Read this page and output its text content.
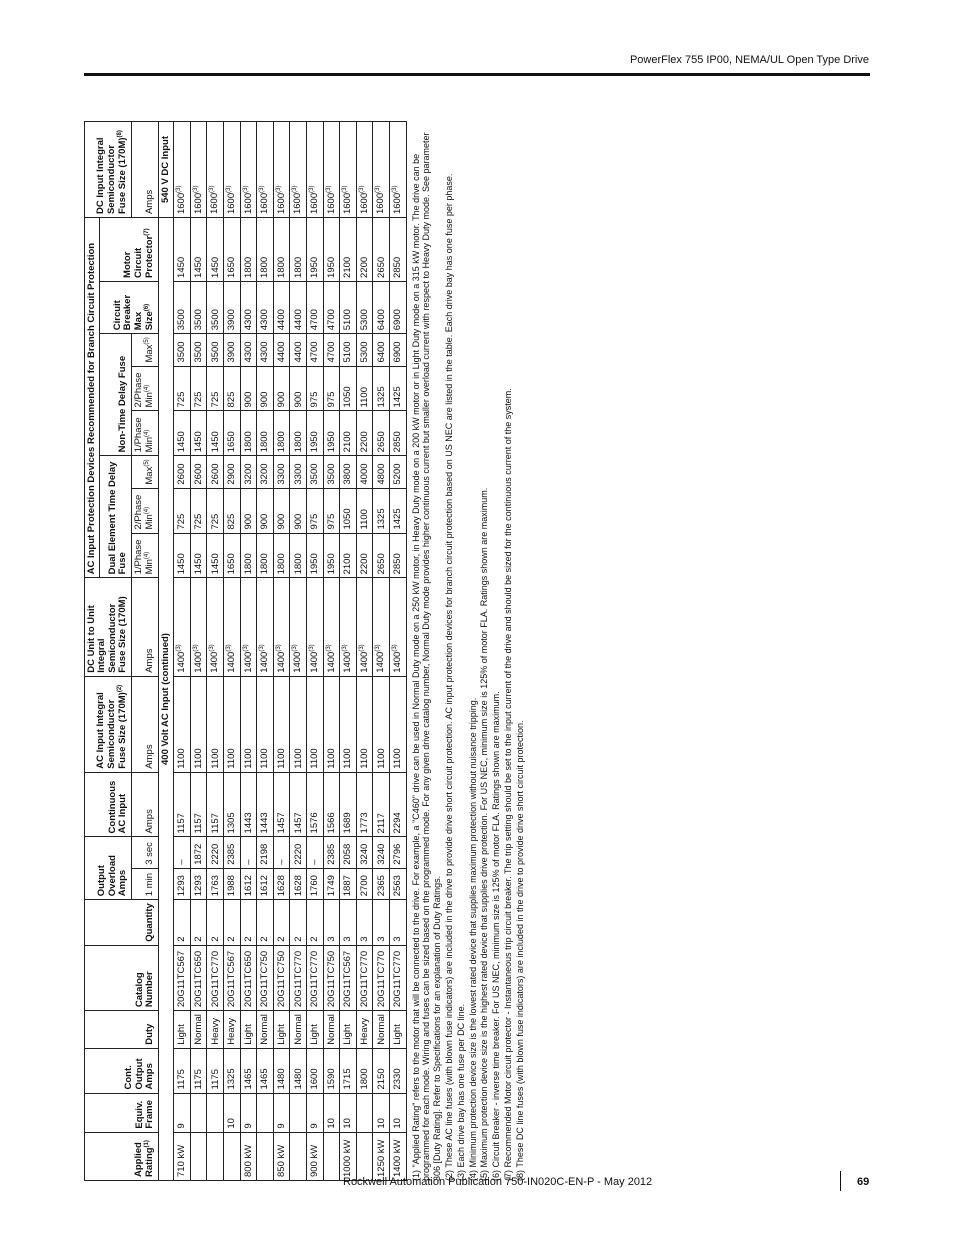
PowerFlex 755 IP00, NEMA/UL Open Type Drive
Applied Rating$^{(1)}$	Equiv. Frame	Cont. Output Amps	Duty	Catalog Number	Quantity	Output Overload Amps		Continuous AC Input	AC Input Integral Semiconductor Fuse Size $(170M)^{(2)}$	DC Unit to Unit Integral Semiconductor Fuse Size (170M)	AC Input Protection Devices Recommended for Branch Circuit Protection								DC Input Integral Semiconductor Fuse Size $(170M)^{(8)}$
											Dual Element Time Delay Fuse			Non-Time Delay Fuse			Circuit Breaker Max Size$^{(6)}$	Motor Circuit Protector$^{(7)}$
						1 min	3 sec	Amps	Amps	Amps	1/Phase Min$^{(4)}$	2/Phase Min$^{(4)}$	Max$^{(5)}$	1/Phase Min$^{(4)}$	2/Phase Min$^{(4)}$	Max$^{(5)}$			Amps
400 Volt AC Input (continued)																			540 V DC Input
710 kW	9	1175	Light	20G11TC567	2	1293	–	1157	1100	1400$^{(3)}$	1450	725	2600	1450	725	3500	3500	1450	1600$^{(3)}$
		1175	Normal	20G11TC650	2	1293	1872	1157	1100	1400$^{(3)}$	1450	725	2600	1450	725	3500	3500	1450	1600$^{(3)}$
		1175	Heavy	20G11TC770	2	1763	2220	1157	1100	1400$^{(3)}$	1450	725	2600	1450	725	3500	3500	1450	1600$^{(3)}$
	10	1325	Heavy	20G11TC567	2	1988	2385	1305	1100	1400$^{(3)}$	1650	825	2900	1650	825	3900	3900	1650	1600$^{(3)}$
800 kW	9	1465	Light	20G11TC650	2	1612	–	1443	1100	1400$^{(3)}$	1800	900	3200	1800	900	4300	4300	1800	1600$^{(3)}$
		1465	Normal	20G11TC750	2	1612	2198	1443	1100	1400$^{(3)}$	1800	900	3200	1800	900	4300	4300	1800	1600$^{(3)}$
850 kW	9	1480	Light	20G11TC750	2	1628	–	1457	1100	1400$^{(3)}$	1800	900	3300	1800	900	4400	4400	1800	1600$^{(3)}$
		1480	Normal	20G11TC770	2	1628	2220	1457	1100	1400$^{(3)}$	1800	900	3300	1800	900	4400	4400	1800	1600$^{(3)}$
900 kW	9	1600	Light	20G11TC770	2	1760	–	1576	1100	1400$^{(3)}$	1950	975	3500	1950	975	4700	4700	1950	1600$^{(3)}$
	10	1590	Normal	20G11TC750	3	1749	2385	1566	1100	1400$^{(3)}$	1950	975	3500	1950	975	4700	4700	1950	1600$^{(3)}$
1000 kW	10	1715	Light	20G11TC567	3	1887	2058	1689	1100	1400$^{(3)}$	2100	1050	3800	2100	1050	5100	5100	2100	1600$^{(3)}$
		1800	Heavy	20G11TC770	3	2700	3240	1773	1100	1400$^{(3)}$	2200	1100	4000	2200	1100	5300	5300	2200	1600$^{(3)}$
1250 kW	10	2150	Normal	20G11TC770	3	2365	3240	2117	1100	1400$^{(3)}$	2650	1325	4800	2650	1325	6400	6400	2650	1600$^{(3)}$
1400 kW	10	2330	Light	20G11TC770	3	2563	2796	2294	1100	1400$^{(3)}$	2850	1425	5200	2850	1425	6900	6900	2850	1600$^{(3)}$ (1) "Applied Rating" refers to the motor that will be connected to the drive. For example, a "C460" drive can be used in Normal Duty mode on a 250 kW motor, in Heavy Duty mode on a 200 kW motor or in Light Duty mode on a 315 kW motor. The drive can be programmed for each mode. Wiring and fuses can be sized based on the programmed mode. For any given drive catalog number, Normal Duty mode provides higher continuous current but smaller overload current with respect to Heavy Duty mode. See parameter 306 [Duty Rating]. Refer to Specifications for an explanation of Duty Ratings. (2) These AC line fuses (with blown fuse indicators) are included in the drive to provide drive short circuit protection. AC input protection devices for branch circuit protection based on US NEC are listed in the table. Each drive bay has one fuse per phase. (3) Each drive bay has one fuse per DC line. (4) Minimum protection device size is the lowest rated device that supplies maximum protection without nuisance tripping. (5) Maximum protection device size is the highest rated device that supplies drive protection. For US NEC, minimum size is 125% of motor FLA. Ratings shown are maximum. (6) Circuit Breaker - inverse time breaker. For US NEC, minimum size is 125% of motor FLA. Ratings shown are maximum. (7) Recommended Motor circuit protector - Instantaneous trip circuit breaker. The trip setting should be set to the input current of the drive and should be sized for the continuous current of the system. (8) These DC line fuses (with blown fuse indicators) are included in the drive to provide drive short circuit protection.
Rockwell Automation Publication 750-IN020C-EN-P - May 2012	69
